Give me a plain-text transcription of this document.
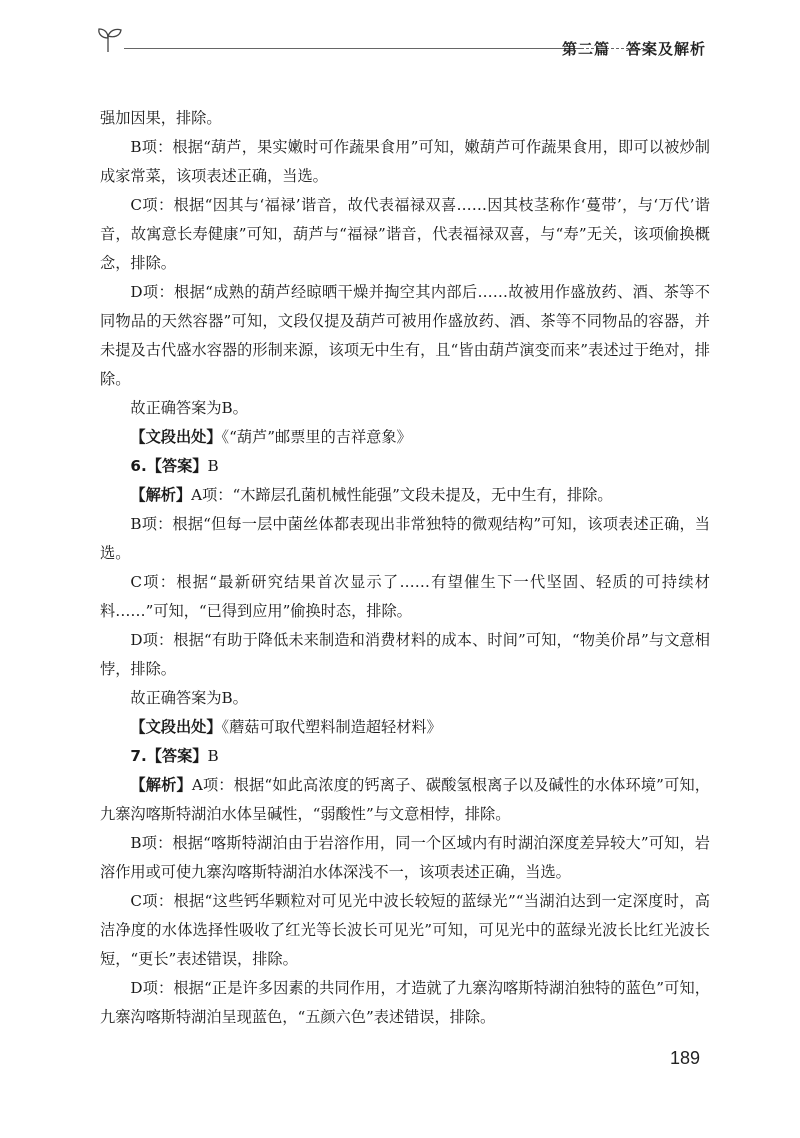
第二篇　答案及解析

强加因果，排除。

B项：根据“葫芦，果实嫩时可作蔬果食用”可知，嫩葫芦可作蔬果食用，即可以被炒制成家常菜，该项表述正确，当选。

C项：根据“因其与‘福禄’谐音，故代表福禄双喜……因其枝茎称作‘蔓带’，与‘万代’谐音，故寓意长寿健康”可知，葫芦与“福禄”谐音，代表福禄双喜，与“寿”无关，该项偷换概念，排除。

D项：根据“成熟的葫芦经晾晒干燥并掏空其内部后……故被用作盛放药、酒、茶等不同物品的天然容器”可知，文段仅提及葫芦可被用作盛放药、酒、茶等不同物品的容器，并未提及古代盛水容器的形制来源，该项无中生有，且“皆由葫芦演变而来”表述过于绝对，排除。

故正确答案为B。

【文段出处】《“葫芦”邮票里的吉祥意象》

6.【答案】B

【解析】A项：“木蹄层孔菌机械性能强”文段未提及，无中生有，排除。

B项：根据“但每一层中菌丝体都表现出非常独特的微观结构”可知，该项表述正确，当选。

C项：根据“最新研究结果首次显示了……有望催生下一代坚固、轻质的可持续材料……”可知，“已得到应用”偷换时态，排除。

D项：根据“有助于降低未来制造和消费材料的成本、时间”可知，“物美价昂”与文意相悖，排除。

故正确答案为B。

【文段出处】《蘑菇可取代塑料制造超轻材料》

7.【答案】B

【解析】A项：根据“如此高浓度的钙离子、碳酸氢根离子以及碱性的水体环境”可知，九寨沟喀斯特湖泊水体呈碱性，“弱酸性”与文意相悖，排除。

B项：根据“喀斯特湖泊由于岩溶作用，同一个区域内有时湖泊深度差异较大”可知，岩溶作用或可使九寨沟喀斯特湖泊水体深浅不一，该项表述正确，当选。

C项：根据“这些钙华颗粒对可见光中波长较短的蓝绿光”“当湖泊达到一定深度时，高洁净度的水体选择性吸收了红光等长波长可见光”可知，可见光中的蓝绿光波长比红光波长短，“更长”表述错误，排除。

D项：根据“正是许多因素的共同作用，才造就了九寨沟喀斯特湖泊独特的蓝色”可知，九寨沟喀斯特湖泊呈现蓝色，“五颜六色”表述错误，排除。

189
